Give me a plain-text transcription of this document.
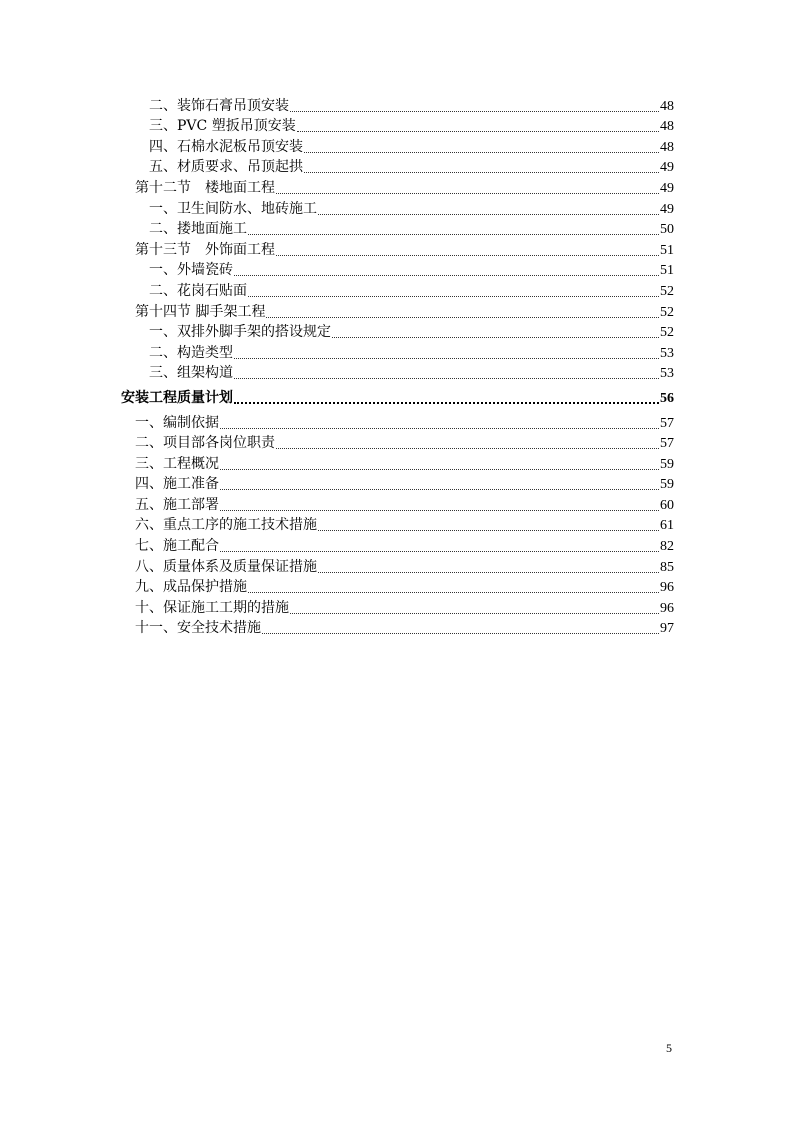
二、装饰石膏吊顶安装	48
三、PVC 塑扳吊顶安装	48
四、石棉水泥板吊顶安装	48
五、材质要求、吊顶起拱	49
第十二节　楼地面工程	49
一、卫生间防水、地砖施工	49
二、搂地面施工	50
第十三节　外饰面工程	51
一、外墙瓷砖	51
二、花岗石贴面	52
第十四节 脚手架工程	52
一、双排外脚手架的搭设规定	52
二、构造类型	53
三、组架构道	53
安装工程质量计划	56
一、编制依据	57
二、项目部各岗位职责	57
三、工程概况	59
四、施工准备	59
五、施工部署	60
六、重点工序的施工技术措施	61
七、施工配合	82
八、质量体系及质量保证措施	85
九、成品保护措施	96
十、保证施工工期的措施	96
十一、安全技术措施	97
5
